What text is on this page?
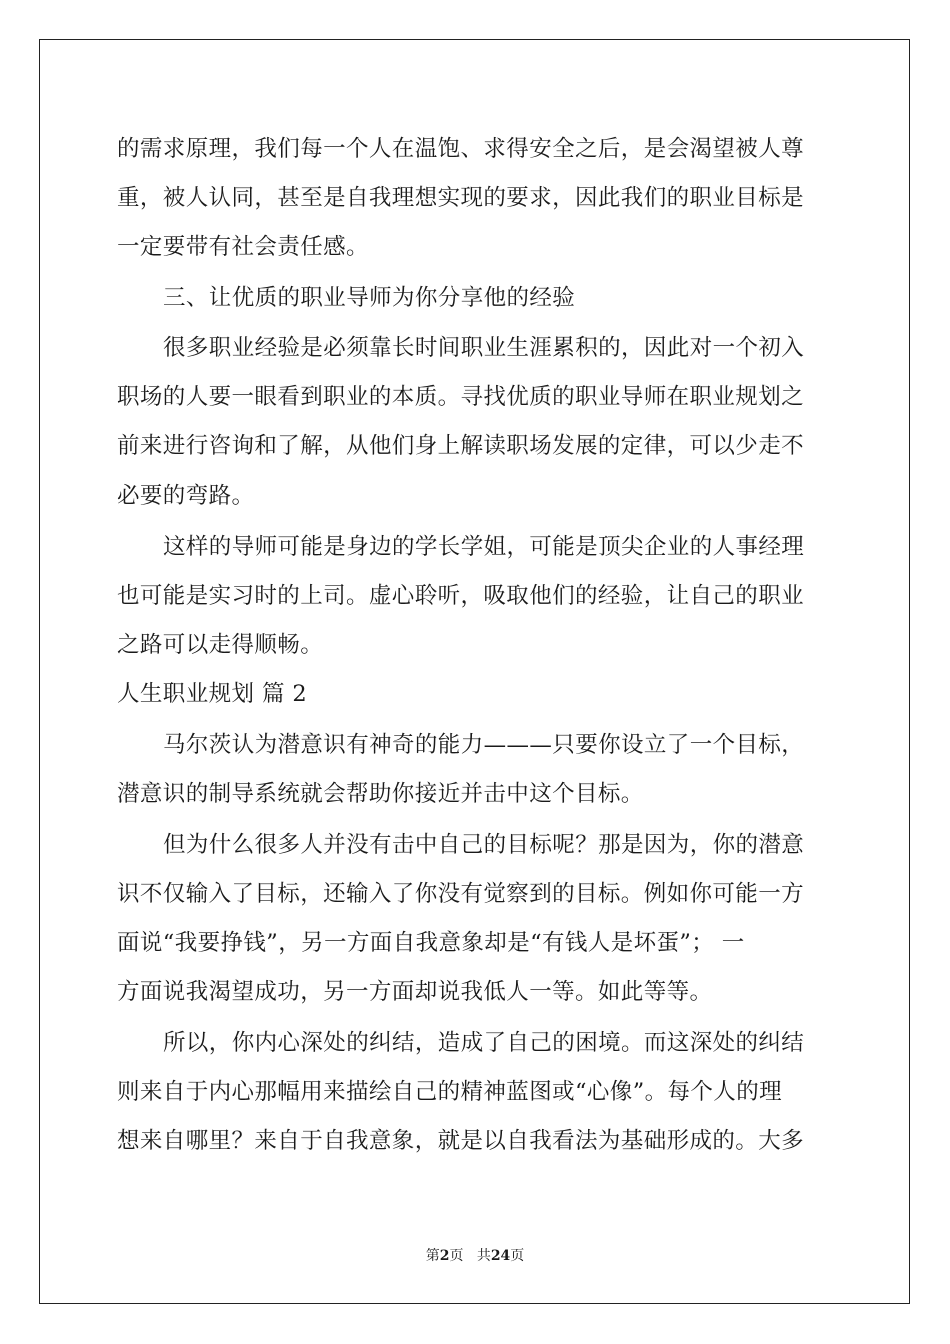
的需求原理，我们每一个人在温饱、求得安全之后，是会渴望被人尊
重，被人认同，甚至是自我理想实现的要求，因此我们的职业目标是
一定要带有社会责任感。
三、让优质的职业导师为你分享他的经验
很多职业经验是必须靠长时间职业生涯累积的，因此对一个初入
职场的人要一眼看到职业的本质。寻找优质的职业导师在职业规划之
前来进行咨询和了解，从他们身上解读职场发展的定律，可以少走不
必要的弯路。
这样的导师可能是身边的学长学姐，可能是顶尖企业的人事经理
也可能是实习时的上司。虚心聆听，吸取他们的经验，让自己的职业
之路可以走得顺畅。
人生职业规划 篇 2
马尔茨认为潜意识有神奇的能力———只要你设立了一个目标，
潜意识的制导系统就会帮助你接近并击中这个目标。
但为什么很多人并没有击中自己的目标呢？那是因为，你的潜意
识不仅输入了目标，还输入了你没有觉察到的目标。例如你可能一方
面说“我要挣钱”，另一方面自我意象却是“有钱人是坏蛋”； 一
方面说我渴望成功，另一方面却说我低人一等。如此等等。
所以，你内心深处的纠结，造成了自己的困境。而这深处的纠结
则来自于内心那幅用来描绘自己的精神蓝图或“心像”。每个人的理
想来自哪里？来自于自我意象，就是以自我看法为基础形成的。大多
第2页 共24页
